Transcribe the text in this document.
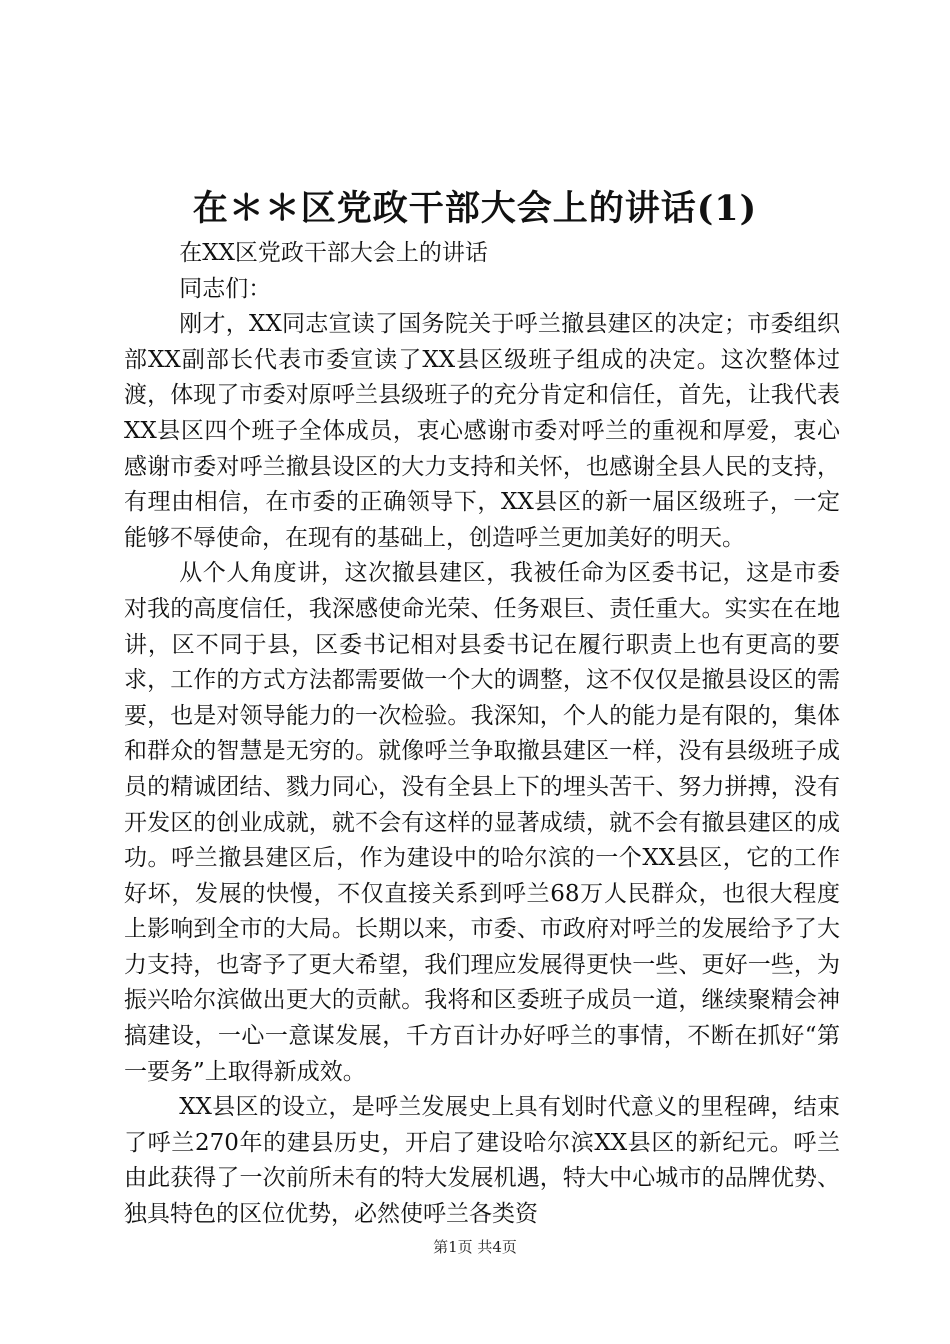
在＊＊区党政干部大会上的讲话(1)

在XX区党政干部大会上的讲话

同志们：

刚才，XX同志宣读了国务院关于呼兰撤县建区的决定；市委组织部XX副部长代表市委宣读了XX县区级班子组成的决定。这次整体过渡，体现了市委对原呼兰县级班子的充分肯定和信任，首先，让我代表XX县区四个班子全体成员，衷心感谢市委对呼兰的重视和厚爱，衷心感谢市委对呼兰撤县设区的大力支持和关怀，也感谢全县人民的支持，有理由相信，在市委的正确领导下，XX县区的新一届区级班子，一定能够不辱使命，在现有的基础上，创造呼兰更加美好的明天。

从个人角度讲，这次撤县建区，我被任命为区委书记，这是市委对我的高度信任，我深感使命光荣、任务艰巨、责任重大。实实在在地讲，区不同于县，区委书记相对县委书记在履行职责上也有更高的要求，工作的方式方法都需要做一个大的调整，这不仅仅是撤县设区的需要，也是对领导能力的一次检验。我深知，个人的能力是有限的，集体和群众的智慧是无穷的。就像呼兰争取撤县建区一样，没有县级班子成员的精诚团结、戮力同心，没有全县上下的埋头苦干、努力拼搏，没有开发区的创业成就，就不会有这样的显著成绩，就不会有撤县建区的成功。呼兰撤县建区后，作为建设中的哈尔滨的一个XX县区，它的工作好坏，发展的快慢，不仅直接关系到呼兰68万人民群众，也很大程度上影响到全市的大局。长期以来，市委、市政府对呼兰的发展给予了大力支持，也寄予了更大希望，我们理应发展得更快一些、更好一些，为振兴哈尔滨做出更大的贡献。我将和区委班子成员一道，继续聚精会神搞建设，一心一意谋发展，千方百计办好呼兰的事情，不断在抓好“第一要务”上取得新成效。

XX县区的设立，是呼兰发展史上具有划时代意义的里程碑，结束了呼兰270年的建县历史，开启了建设哈尔滨XX县区的新纪元。呼兰由此获得了一次前所未有的特大发展机遇，特大中心城市的品牌优势、独具特色的区位优势，必然使呼兰各类资

第1页 共4页
